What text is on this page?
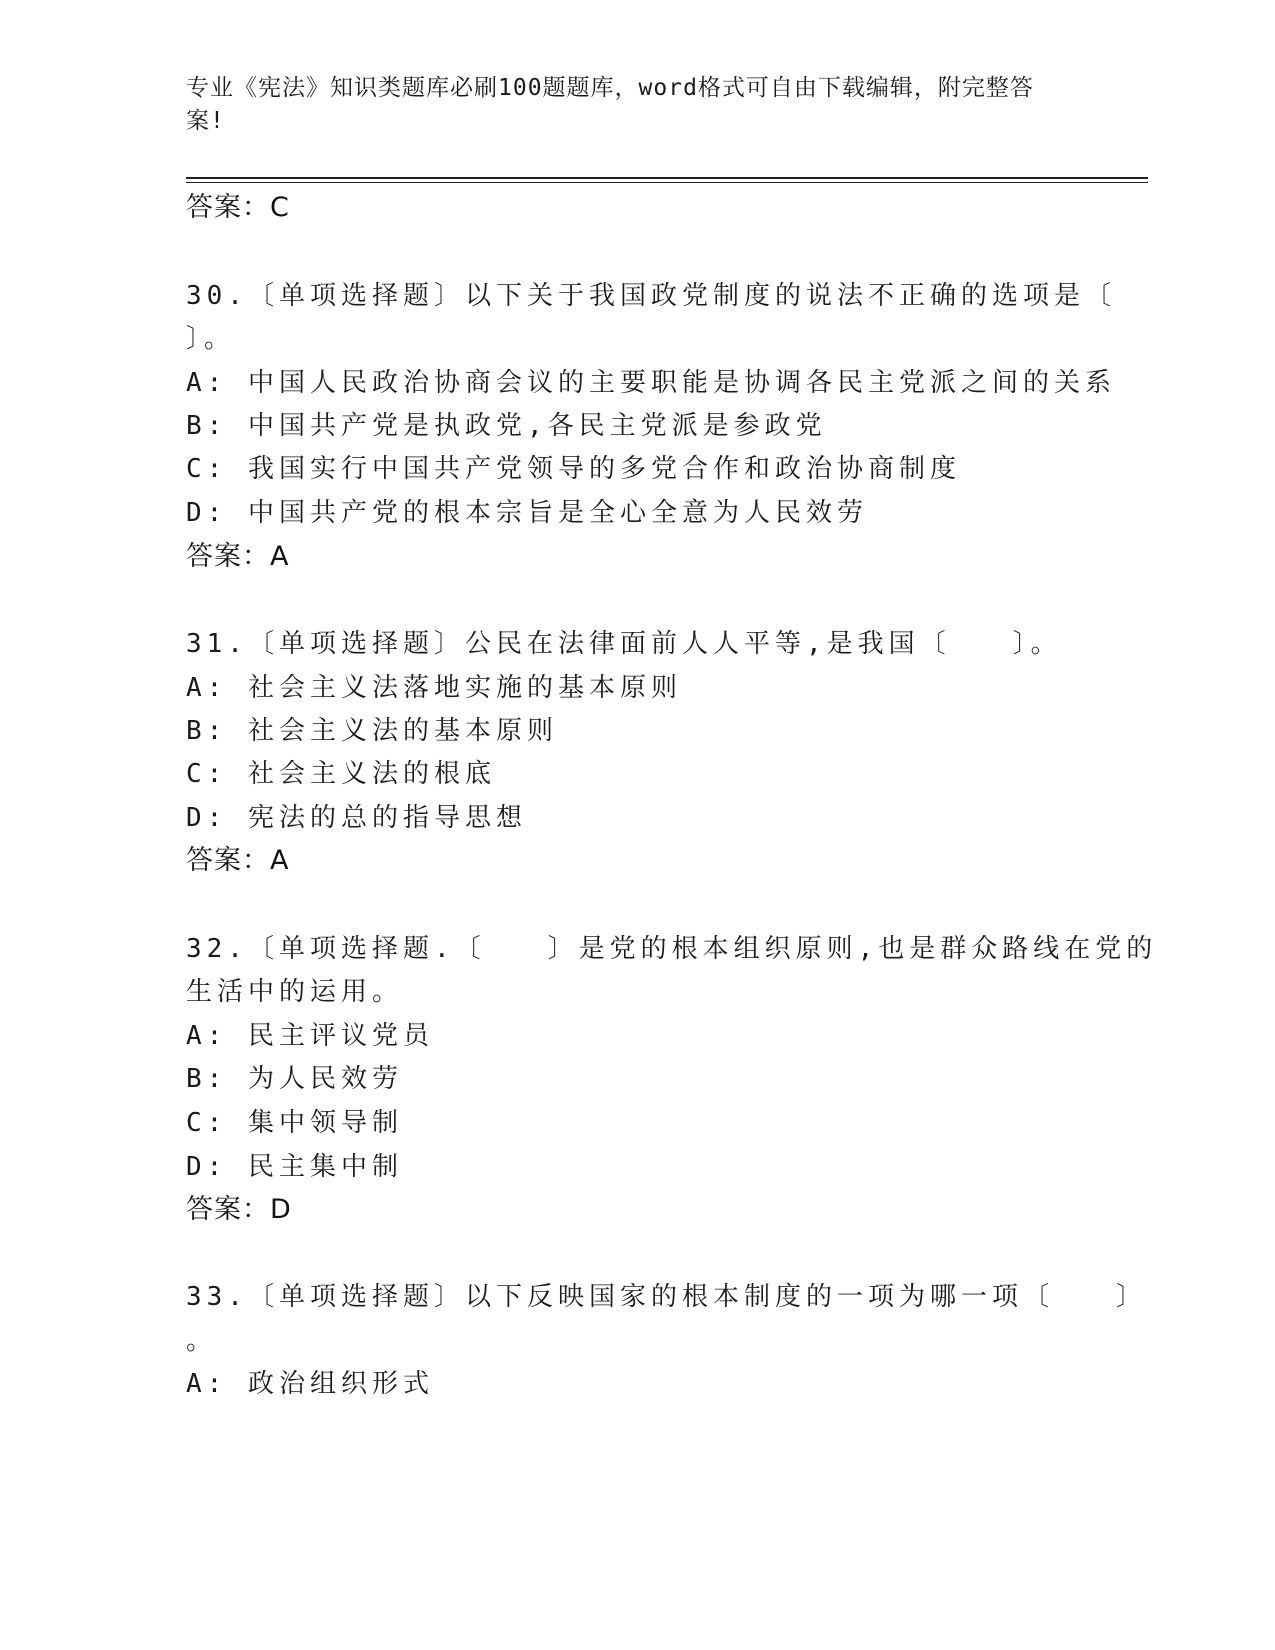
专业《宪法》知识类题库必刷100题题库，word格式可自由下载编辑，附完整答
案!
答案：C
30.〔单项选择题〕以下关于我国政党制度的说法不正确的选项是〔
〕。
A: 中国人民政治协商会议的主要职能是协调各民主党派之间的关系
B: 中国共产党是执政党,各民主党派是参政党
C: 我国实行中国共产党领导的多党合作和政治协商制度
D: 中国共产党的根本宗旨是全心全意为人民效劳
答案：A
31.〔单项选择题〕公民在法律面前人人平等,是我国〔　　〕。
A: 社会主义法落地实施的基本原则
B: 社会主义法的基本原则
C: 社会主义法的根底
D: 宪法的总的指导思想
答案：A
32.〔单项选择题.〔　　〕是党的根本组织原则,也是群众路线在党的
生活中的运用。
A: 民主评议党员
B: 为人民效劳
C: 集中领导制
D: 民主集中制
答案：D
33.〔单项选择题〕以下反映国家的根本制度的一项为哪一项〔　　〕
。
A: 政治组织形式
